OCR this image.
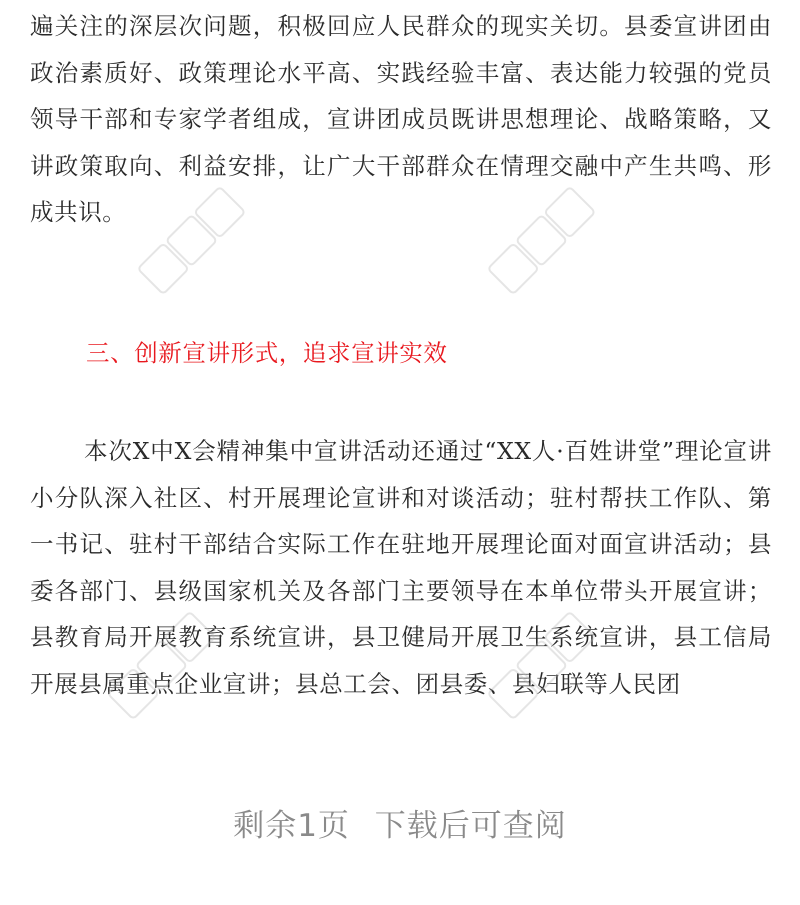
遍关注的深层次问题，积极回应人民群众的现实关切。县委宣讲团由政治素质好、政策理论水平高、实践经验丰富、表达能力较强的党员领导干部和专家学者组成，宣讲团成员既讲思想理论、战略策略，又讲政策取向、利益安排，让广大干部群众在情理交融中产生共鸣、形成共识。

三、创新宣讲形式，追求宣讲实效

本次X中X会精神集中宣讲活动还通过“XX人·百姓讲堂”理论宣讲小分队深入社区、村开展理论宣讲和对谈活动；驻村帮扶工作队、第一书记、驻村干部结合实际工作在驻地开展理论面对面宣讲活动；县委各部门、县级国家机关及各部门主要领导在本单位带头开展宣讲；县教育局开展教育系统宣讲，县卫健局开展卫生系统宣讲，县工信局开展县属重点企业宣讲；县总工会、团县委、县妇联等人民团

剩余1页 下载后可查阅
